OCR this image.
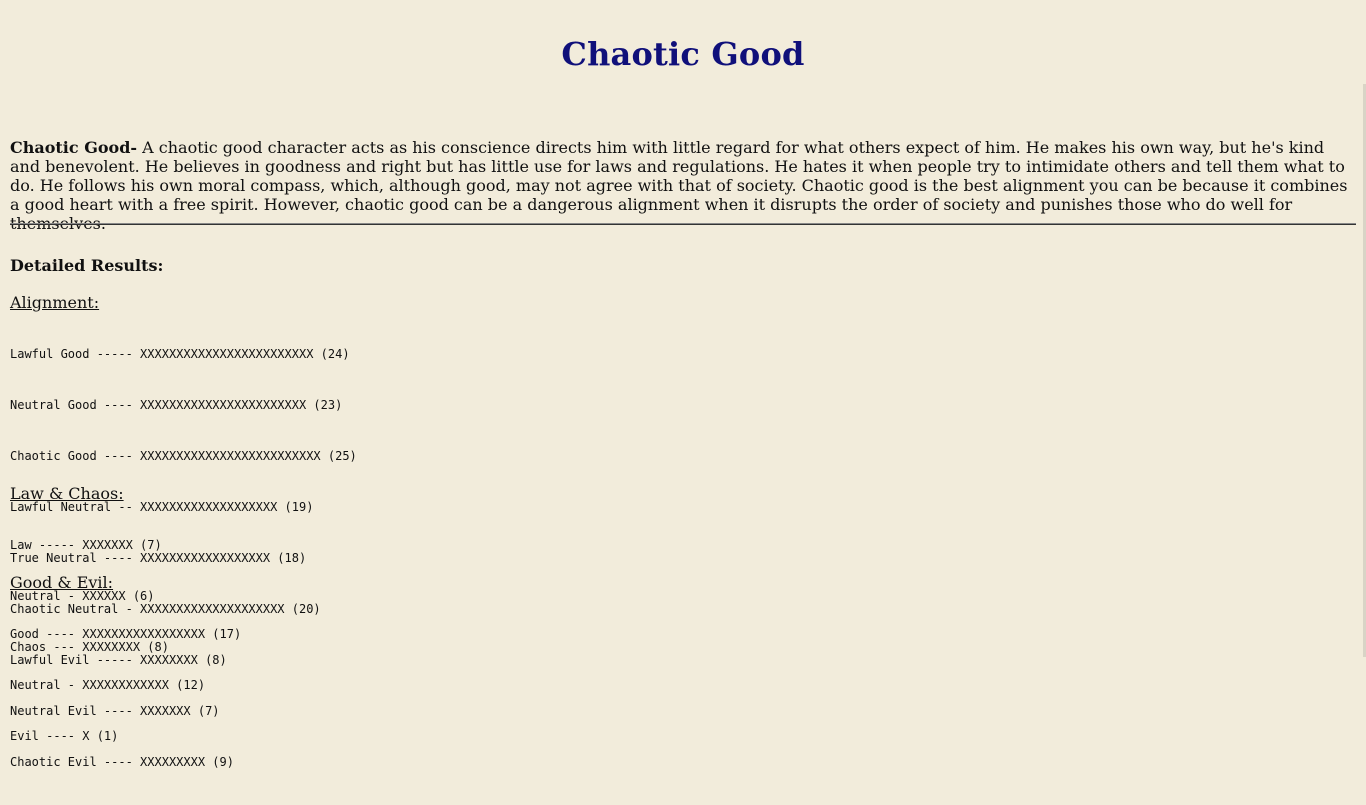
Chaotic Good

Chaotic Good- A chaotic good character acts as his conscience directs him with little regard for what others expect of him. He makes his own way, but he's kind and benevolent. He believes in goodness and right but has little use for laws and regulations. He hates it when people try to intimidate others and tell them what to do. He follows his own moral compass, which, although good, may not agree with that of society. Chaotic good is the best alignment you can be because it combines a good heart with a free spirit. However, chaotic good can be a dangerous alignment when it disrupts the order of society and punishes those who do well for themselves.

Detailed Results:
Alignment:

Lawful Good ----- XXXXXXXXXXXXXXXXXXXXXXXX (24)

Neutral Good ---- XXXXXXXXXXXXXXXXXXXXXXX (23)

Chaotic Good ---- XXXXXXXXXXXXXXXXXXXXXXXXX (25)

Lawful Neutral -- XXXXXXXXXXXXXXXXXXX (19)

True Neutral ---- XXXXXXXXXXXXXXXXXX (18)

Chaotic Neutral - XXXXXXXXXXXXXXXXXXXX (20)

Lawful Evil ----- XXXXXXXX (8)

Neutral Evil ---- XXXXXXX (7)

Chaotic Evil ---- XXXXXXXXX (9)

Law & Chaos:

Law ----- XXXXXXX (7)

Neutral - XXXXXX (6)

Chaos --- XXXXXXXX (8)

Good & Evil:

Good ---- XXXXXXXXXXXXXXXXX (17)

Neutral - XXXXXXXXXXXX (12)

Evil ---- X (1)
